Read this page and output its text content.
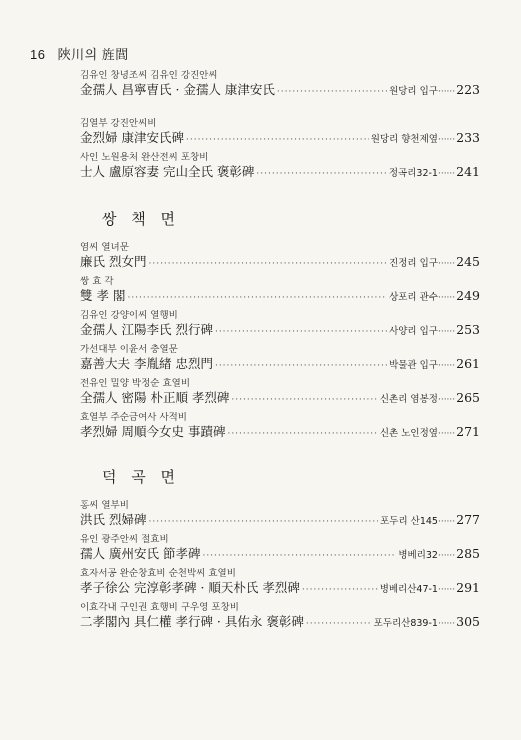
16 陜川의 旌閭
김유인 창녕조씨 김유인 강진안씨
金孺人 昌寧曺氏 · 金孺人 康津安氏 ·····	원당리 입구 ······ 223
김열부 강진안씨비
金烈婦 康津安氏碑 ·····	원당리 향천제옆 ······ 233
사인 노원용처 완산전씨 포창비
士人 盧原容妻 完山全氏 褒彰碑 ·····	정곡리32-1 ······ 241
쌍 책 면
염씨 열녀문
廉氏 烈女門 ·····	진정리 입구 ······ 245
쌍 효 각
雙 孝 閣 ·····	상포리 관수 ······ 249
김유인 강양이씨 열행비
金孺人 江陽李氏 烈行碑 ·····	사양리 입구 ······ 253
가선대부 이윤서 충열문
嘉善大夫 李胤緖 忠烈門 ·····	박물관 입구 ······ 261
전유인 밀양 박정순 효열비
全孺人 密陽 朴正順 孝烈碑 ·····	신촌리 염봉정 ······ 265
효열부 주순금여사 사적비
孝烈婦 周順今女史 事蹟碑 ·····	신촌 노인정옆 ······ 271
덕 곡 면
홍씨 열부비
洪氏 烈婦碑 ·····	포두리 산145 ······ 277
유인 광주안씨 절효비
孺人 廣州安氏 節孝碑 ·····	병베리32 ······ 285
효자서공 완순창효비 순천박씨 효열비
孝子徐公 完淳彰孝碑 · 順天朴氏 孝烈碑 ·····	병베리산47-1 ······ 291
이효각내 구인권 효행비 구우영 포창비
二孝閣內 具仁權 孝行碑 · 具佑永 褒彰碑 ·····	포두리산839-1 ······ 305
